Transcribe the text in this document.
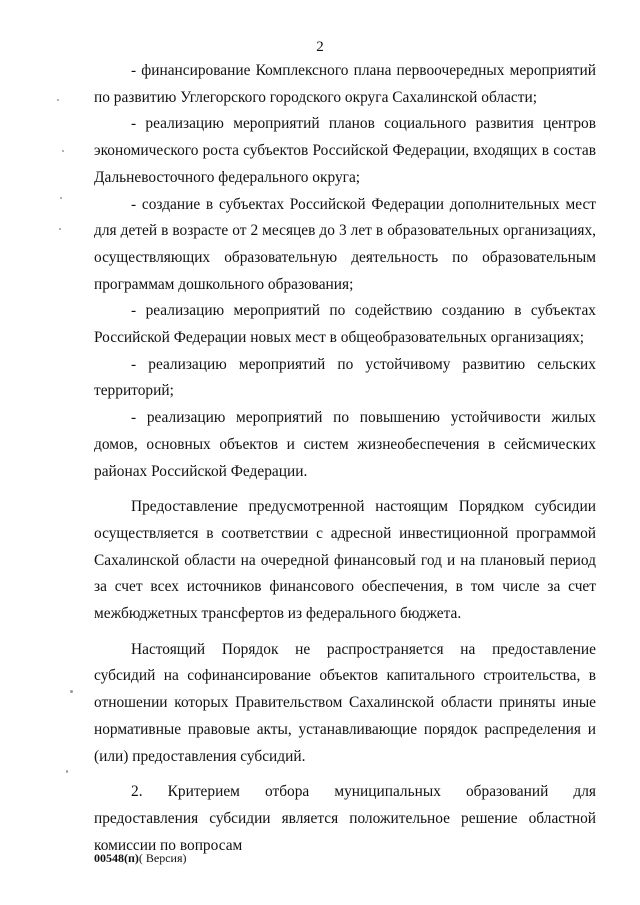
2

- финансирование Комплексного плана первоочередных мероприятий по развитию Углегорского городского округа Сахалинской области;

- реализацию мероприятий планов социального развития центров экономического роста субъектов Российской Федерации, входящих в состав Дальневосточного федерального округа;

- создание в субъектах Российской Федерации дополнительных мест для детей в возрасте от 2 месяцев до 3 лет в образовательных организациях, осуществляющих образовательную деятельность по образовательным программам дошкольного образования;

- реализацию мероприятий по содействию созданию в субъектах Российской Федерации новых мест в общеобразовательных организациях;

- реализацию мероприятий по устойчивому развитию сельских территорий;

- реализацию мероприятий по повышению устойчивости жилых домов, основных объектов и систем жизнеобеспечения в сейсмических районах Российской Федерации.

Предоставление предусмотренной настоящим Порядком субсидии осуществляется в соответствии с адресной инвестиционной программой Сахалинской области на очередной финансовый год и на плановый период за счет всех источников финансового обеспечения, в том числе за счет межбюджетных трансфертов из федерального бюджета.

Настоящий Порядок не распространяется на предоставление субсидий на софинансирование объектов капитального строительства, в отношении которых Правительством Сахалинской области приняты иные нормативные правовые акты, устанавливающие порядок распределения и (или) предоставления субсидий.

2. Критерием отбора муниципальных образований для предоставления субсидии является положительное решение областной комиссии по вопросам

00548(п)( Версия)
